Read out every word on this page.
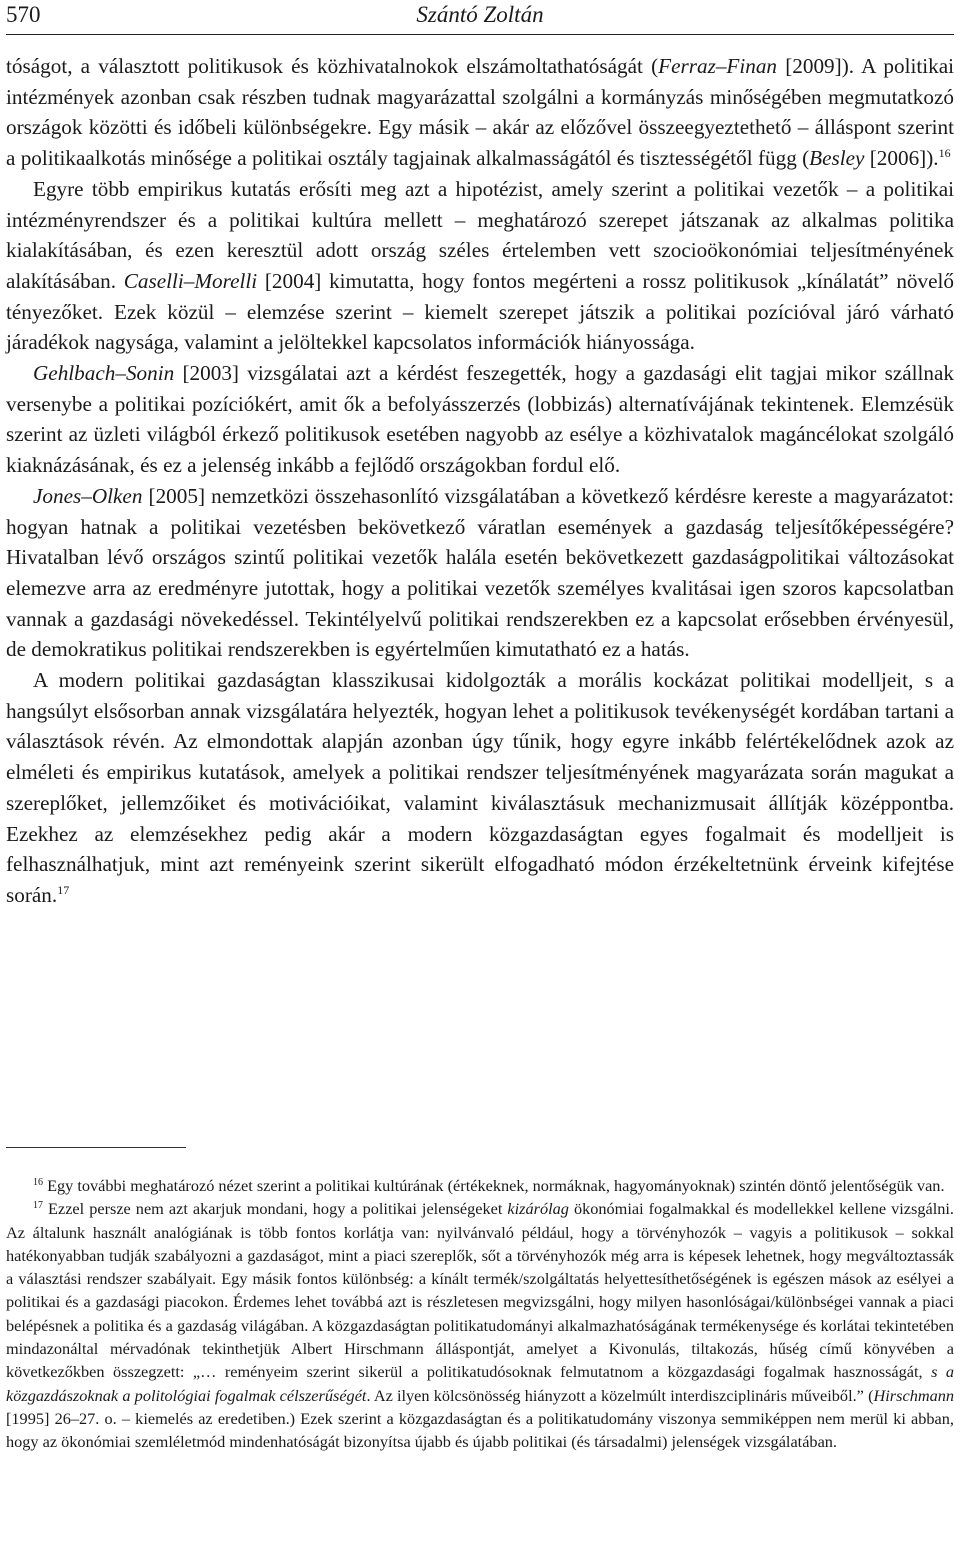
570	Szántó Zoltán

tóságot, a választott politikusok és közhivatalnokok elszámoltathatóságát (Ferraz–Finan [2009]). A politikai intézmények azonban csak részben tudnak magyarázattal szolgálni a kormányzás minőségében megmutatkozó országok közötti és időbeli különbségekre. Egy másik – akár az előzővel összeegyeztethető – álláspont szerint a politikaalkotás minősége a politikai osztály tagjainak alkalmasságától és tisztességétől függ (Besley [2006]).$^{16}$

Egyre több empirikus kutatás erősíti meg azt a hipotézist, amely szerint a politikai vezetők – a politikai intézményrendszer és a politikai kultúra mellett – meghatározó szerepet játszanak az alkalmas politika kialakításában, és ezen keresztül adott ország széles értelemben vett szocioökonómiai teljesítményének alakításában. Caselli–Morelli [2004] kimutatta, hogy fontos megérteni a rossz politikusok „kínálatát” növelő tényezőket. Ezek közül – elemzése szerint – kiemelt szerepet játszik a politikai pozícióval járó várható járadékok nagysága, valamint a jelöltekkel kapcsolatos információk hiányossága.

Gehlbach–Sonin [2003] vizsgálatai azt a kérdést feszegették, hogy a gazdasági elit tagjai mikor szállnak versenybe a politikai pozíciókért, amit ők a befolyásszerzés (lobbizás) alternatívájának tekintenek. Elemzésük szerint az üzleti világból érkező politikusok esetében nagyobb az esélye a közhivatalok magáncélokat szolgáló kiaknázásának, és ez a jelenség inkább a fejlődő országokban fordul elő.

Jones–Olken [2005] nemzetközi összehasonlító vizsgálatában a következő kérdésre kereste a magyarázatot: hogyan hatnak a politikai vezetésben bekövetkező váratlan események a gazdaság teljesítőképességére? Hivatalban lévő országos szintű politikai vezetők halála esetén bekövetkezett gazdaságpolitikai változásokat elemezve arra az eredményre jutottak, hogy a politikai vezetők személyes kvalitásai igen szoros kapcsolatban vannak a gazdasági növekedéssel. Tekintélyelvű politikai rendszerekben ez a kapcsolat erősebben érvényesül, de demokratikus politikai rendszerekben is egyértelműen kimutatható ez a hatás.

A modern politikai gazdaságtan klasszikusai kidolgozták a morális kockázat politikai modelljeit, s a hangsúlyt elsősorban annak vizsgálatára helyezték, hogyan lehet a politikusok tevékenységét kordában tartani a választások révén. Az elmondottak alapján azonban úgy tűnik, hogy egyre inkább felértékelődnek azok az elméleti és empirikus kutatások, amelyek a politikai rendszer teljesítményének magyarázata során magukat a szereplőket, jellemzőiket és motivációikat, valamint kiválasztásuk mechanizmusait állítják középpontba. Ezekhez az elemzésekhez pedig akár a modern közgazdaságtan egyes fogalmait és modelljeit is felhasználhatjuk, mint azt reményeink szerint sikerült elfogadható módon érzékeltetnünk érveink kifejtése során.$^{17}$

$^{16}$ Egy további meghatározó nézet szerint a politikai kultúrának (értékeknek, normáknak, hagyományoknak) szintén döntő jelentőségük van.

$^{17}$ Ezzel persze nem azt akarjuk mondani, hogy a politikai jelenségeket kizárólag ökonómiai fogalmakkal és modellekkel kellene vizsgálni. Az általunk használt analógiának is több fontos korlátja van: nyilvánvaló például, hogy a törvényhozók – vagyis a politikusok – sokkal hatékonyabban tudják szabályozni a gazdaságot, mint a piaci szereplők, sőt a törvényhozók még arra is képesek lehetnek, hogy megváltoztassák a választási rendszer szabályait. Egy másik fontos különbség: a kínált termék/szolgáltatás helyettesíthetőségének is egészen mások az esélyei a politikai és a gazdasági piacokon. Érdemes lehet továbbá azt is részletesen megvizsgálni, hogy milyen hasonlóságai/különbségei vannak a piaci belépésnek a politika és a gazdaság világában. A közgazdaságtan politikatudományi alkalmazhatóságának termékenysége és korlátai tekintetében mindazonáltal mérvadónak tekinthetjük Albert Hirschmann álláspontját, amelyet a Kivonulás, tiltakozás, hűség című könyvében a következőkben összegzett: „… reményeim szerint sikerül a politikatudósoknak felmutatnom a közgazdasági fogalmak hasznosságát, s a közgazdászoknak a politológiai fogalmak célszerűségét. Az ilyen kölcsönösség hiányzott a közelmúlt interdiszciplináris műveiből.” (Hirschmann [1995] 26–27. o. – kiemelés az eredetiben.) Ezek szerint a közgazdaságtan és a politikatudomány viszonya semmiképpen nem merül ki abban, hogy az ökonómiai szemléletmód mindenhatóságát bizonyítsa újabb és újabb politikai (és társadalmi) jelenségek vizsgálatában.
